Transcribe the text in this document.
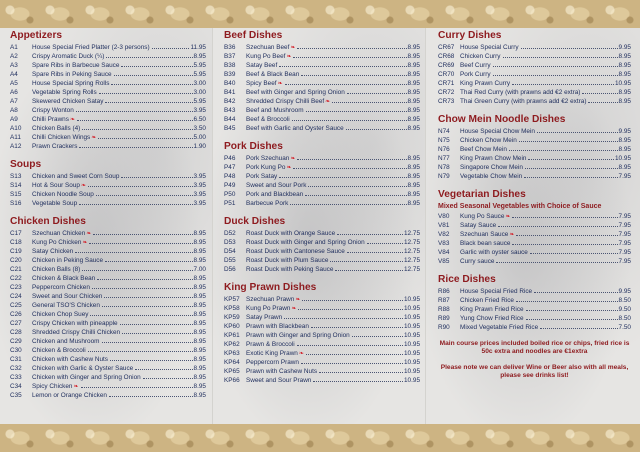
Appetizers
A1	House Special Fried Platter (2-3 persons)	11.95
A2	Crispy Aromatic Duck (¼)	8.95
A3	Spare Ribs in Barbecue Sauce	5.95
A4	Spare Ribs in Peking Sauce	5.95
A5	House Special Spring Rolls	3.00
A6	Vegetable Spring Rolls	3.00
A7	Skewered Chicken Satay	5.95
A8	Crispy Wonton	3.95
A9	Chilli Prawns ❧	6.50
A10	Chicken Balls (4)	3.50
A11	Chilli Chicken Wings ❧	5.00
A12	Prawn Crackers	1.90
Soups
S13	Chicken and Sweet Corn Soup	3.95
S14	Hot & Sour Soup ❧	3.95
S15	Chicken Noodle Soup	3.95
S16	Vegetable Soup	3.95
Chicken Dishes
C17	Szechuan Chicken ❧	8.95
C18	Kung Po Chicken ❧	8.95
C19	Satay Chicken	8.95
C20	Chicken in Peking Sauce	8.95
C21	Chicken Balls (8)	7.00
C22	Chicken & Black Bean	8.95
C23	Peppercorn Chicken	8.95
C24	Sweet and Sour Chicken	8.95
C25	General TSO'S Chicken	8.95
C26	Chicken Chop Suey	8.95
C27	Crispy Chicken with pineapple	8.95
C28	Shredded Crispy Chilli Chicken	8.95
C29	Chicken and Mushroom	8.95
C30	Chicken & Broccoli	8.95
C31	Chicken with Cashew Nuts	8.95
C32	Chicken with Garlic & Oyster Sauce	8.95
C33	Chicken with Ginger and Spring Onion	8.95
C34	Spicy Chicken ❧	8.95
C35	Lemon or Orange Chicken	8.95
Beef Dishes
B36	Szechuan Beef ❧	8.95
B37	Kung Po Beef ❧	8.95
B38	Satay Beef	8.95
B39	Beef & Black Bean	8.95
B40	Spicy Beef ❧	8.95
B41	Beef with Ginger and Spring Onion	8.95
B42	Shredded Crispy Chilli Beef ❧	8.95
B43	Beef and Mushroom	8.95
B44	Beef & Broccoli	8.95
B45	Beef with Garlic and Oyster Sauce	8.95
Pork Dishes
P46	Pork Szechuan ❧	8.95
P47	Pork Kung Po ❧	8.95
P48	Pork Satay	8.95
P49	Sweet and Sour Pork	8.95
P50	Pork and Blackbean	8.95
P51	Barbecue Pork	8.95
Duck Dishes
D52	Roast Duck with Orange Sauce	12.75
D53	Roast Duck with Ginger and Spring Onion	12.75
D54	Roast Duck with Cantonese Sauce	12.75
D55	Roast Duck with Plum Sauce	12.75
D56	Roast Duck with Peking Sauce	12.75
King Prawn Dishes
KP57 Szechuan Prawn ❧	10.95
KP58 Kung Po Prawn ❧	10.95
KP59 Satay Prawn	10.95
KP60 Prawn with Blackbean	10.95
KP61 Prawn with Ginger and Spring Onion	10.95
KP62 Prawn & Broccoli	10.95
KP63 Exotic King Prawn ❧	10.95
KP64 Peppercorn Prawn	10.95
KP65 Prawn with Cashew Nuts	10.95
KP66 Sweet and Sour Prawn	10.95
Curry Dishes
CR67 House Special Curry	9.95
CR68 Chicken Curry	8.95
CR69 Beef Curry	8.95
CR70 Pork Curry	8.95
CR71 King Prawn Curry	10.95
CR72 Thai Red Curry (with prawns add €2 extra)	8.95
CR73 Thai Green Curry (with prawns add €2 extra)	8.95
Chow Mein Noodle Dishes
N74	House Special Chow Mein	9.95
N75	Chicken Chow Mein	8.95
N76	Beef Chow Mein	8.95
N77	King Prawn Chow Mein	10.95
N78	Singapore Chow Mein	8.95
N79	Vegetable Chow Mein	7.95
Vegetarian Dishes
Mixed Seasonal Vegetables with Choice of Sauce
V80	Kung Po Sauce ❧	7.95
V81	Satay Sauce	7.95
V82	Szechuan Sauce ❧	7.95
V83	Black bean sauce	7.95
V84	Garlic with oyster sauce	7.95
V85	Curry sauce	7.95
Rice Dishes
R86	House Special Fried Rice	9.95
R87	Chicken Fried Rice	8.50
R88	King Prawn Fried Rice	9.50
R89	Yung Chow Fried Rice	8.50
R90	Mixed Vegetable Fried Rice	7.50
Main course prices included boiled rice or chips, fried rice is 50c extra and noodles are €1extra
Please note we can deliver Wine or Beer also with all meals, please see drinks list!
